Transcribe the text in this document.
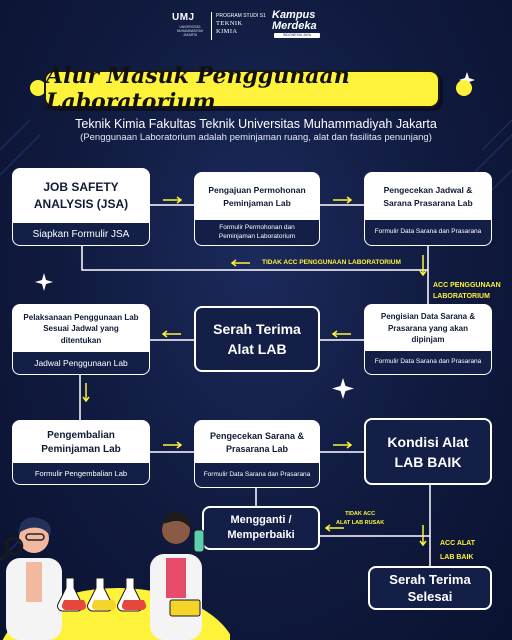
UMJ
UNIVERSITAS MUHAMMADIYAH JAKARTA
PROGRAM STUDI S1
TEKNIK
KIMIA
Kampus
Merdeka
INDONESIA JAYA
Alur Masuk Penggunaan Laboratorium
Teknik Kimia Fakultas Teknik Universitas Muhammadiyah Jakarta
(Penggunaan Laboratorium adalah peminjaman ruang, alat dan fasilitas penunjang)
TIDAK ACC PENGGUNAAN LABORATORIUM
ACC PENGGUNAAN
LABORATORIUM
TIDAK ACC
ALAT LAB RUSAK
ACC ALAT
LAB BAIK
JOB SAFETY ANALYSIS (JSA)
Siapkan Formulir JSA
Pengajuan Permohonan Peminjaman Lab
Formulir Permohonan dan Peminjaman Laboratorium
Pengecekan Jadwal & Sarana Prasarana Lab
Formulir Data Sarana dan Prasarana
Pelaksanaan Penggunaan Lab Sesuai Jadwal yang ditentukan
Jadwal Penggunaan Lab
Serah Terima Alat LAB
Pengisian Data Sarana & Prasarana yang akan dipinjam
Formulir Data Sarana dan Prasarana
Pengembalian Peminjaman Lab
Formulir Pengembalian Lab
Pengecekan Sarana & Prasarana Lab
Formulir Data Sarana dan Prasarana
Kondisi Alat LAB BAIK
Mengganti / Memperbaiki
Serah Terima Selesai
